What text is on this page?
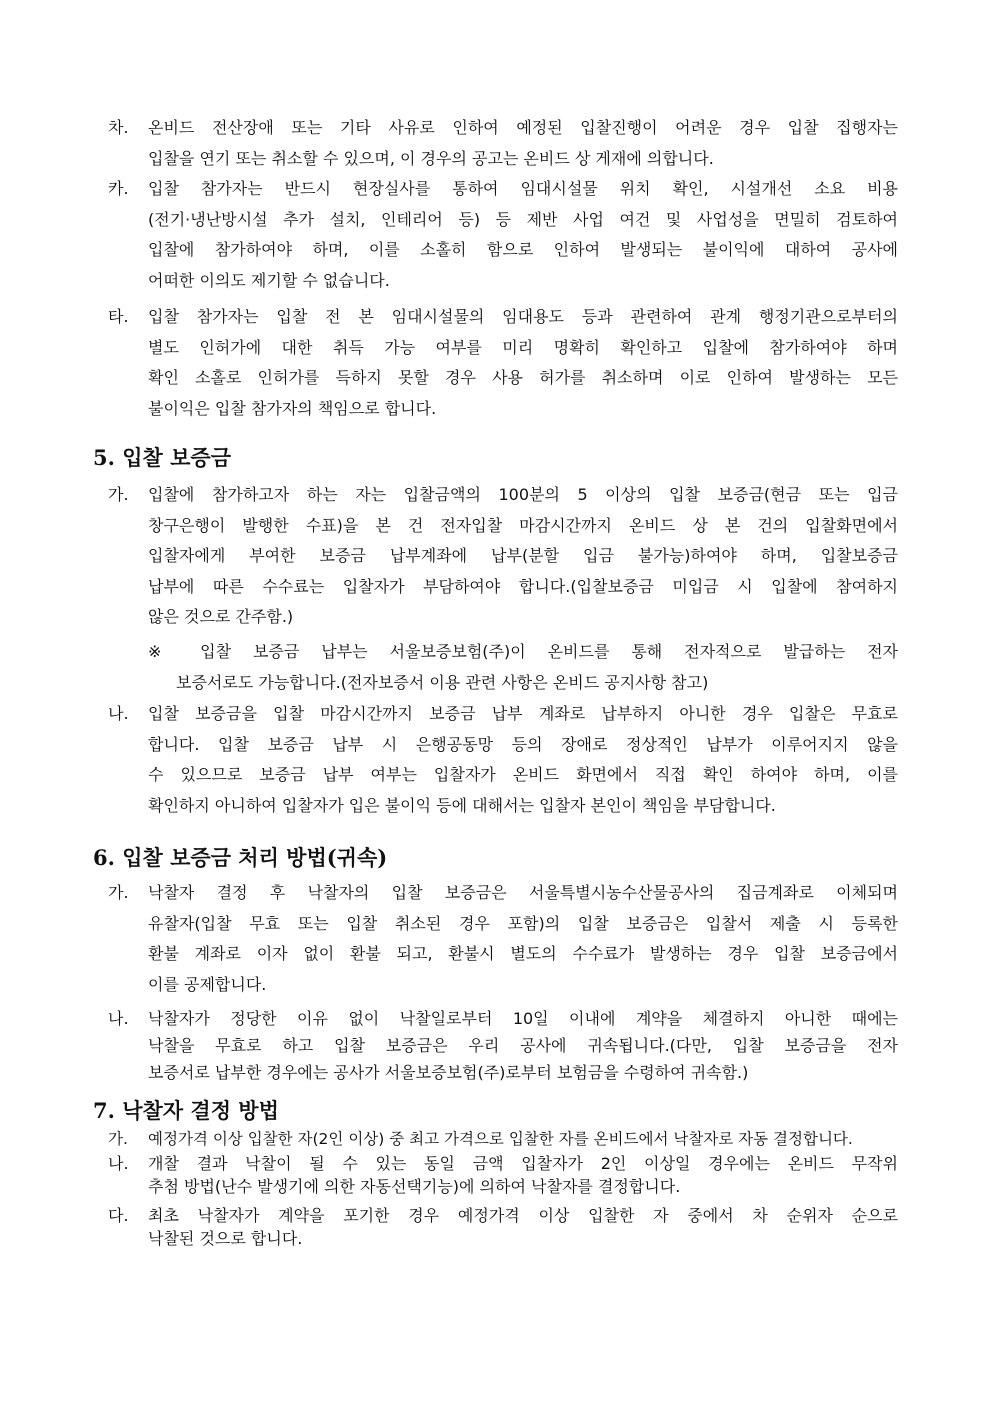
차. 온비드 전산장애 또는 기타 사유로 인하여 예정된 입찰진행이 어려운 경우 입찰 집행자는
입찰을 연기 또는 취소할 수 있으며, 이 경우의 공고는 온비드 상 게재에 의합니다.
카. 입찰 참가자는 반드시 현장실사를 통하여 임대시설물 위치 확인, 시설개선 소요 비용
(전기·냉난방시설 추가 설치, 인테리어 등) 등 제반 사업 여건 및 사업성을 면밀히 검토하여
입찰에 참가하여야 하며, 이를 소홀히 함으로 인하여 발생되는 불이익에 대하여 공사에
어떠한 이의도 제기할 수 없습니다.
타. 입찰 참가자는 입찰 전 본 임대시설물의 임대용도 등과 관련하여 관계 행정기관으로부터의
별도 인허가에 대한 취득 가능 여부를 미리 명확히 확인하고 입찰에 참가하여야 하며
확인 소홀로 인허가를 득하지 못할 경우 사용 허가를 취소하며 이로 인하여 발생하는 모든
불이익은 입찰 참가자의 책임으로 합니다.
5. 입찰 보증금
가. 입찰에 참가하고자 하는 자는 입찰금액의 100분의 5 이상의 입찰 보증금(현금 또는 입금
창구은행이 발행한 수표)을 본 건 전자입찰 마감시간까지 온비드 상 본 건의 입찰화면에서
입찰자에게 부여한 보증금 납부계좌에 납부(분할 입금 불가능)하여야 하며, 입찰보증금
납부에 따른 수수료는 입찰자가 부담하여야 합니다.(입찰보증금 미입금 시 입찰에 참여하지
않은 것으로 간주함.)
※ 입찰 보증금 납부는 서울보증보험(주)이 온비드를 통해 전자적으로 발급하는 전자
보증서로도 가능합니다.(전자보증서 이용 관련 사항은 온비드 공지사항 참고)
나. 입찰 보증금을 입찰 마감시간까지 보증금 납부 계좌로 납부하지 아니한 경우 입찰은 무효로
합니다. 입찰 보증금 납부 시 은행공동망 등의 장애로 정상적인 납부가 이루어지지 않을
수 있으므로 보증금 납부 여부는 입찰자가 온비드 화면에서 직접 확인 하여야 하며, 이를
확인하지 아니하여 입찰자가 입은 불이익 등에 대해서는 입찰자 본인이 책임을 부담합니다.
6. 입찰 보증금 처리 방법(귀속)
가. 낙찰자 결정 후 낙찰자의 입찰 보증금은 서울특별시농수산물공사의 집금계좌로 이체되며
유찰자(입찰 무효 또는 입찰 취소된 경우 포함)의 입찰 보증금은 입찰서 제출 시 등록한
환불 계좌로 이자 없이 환불 되고, 환불시 별도의 수수료가 발생하는 경우 입찰 보증금에서
이를 공제합니다.
나. 낙찰자가 정당한 이유 없이 낙찰일로부터 10일 이내에 계약을 체결하지 아니한 때에는
낙찰을 무효로 하고 입찰 보증금은 우리 공사에 귀속됩니다.(다만, 입찰 보증금을 전자
보증서로 납부한 경우에는 공사가 서울보증보험(주)로부터 보험금을 수령하여 귀속함.)
7. 낙찰자 결정 방법
가. 예정가격 이상 입찰한 자(2인 이상) 중 최고 가격으로 입찰한 자를 온비드에서 낙찰자로 자동 결정합니다.
나. 개찰 결과 낙찰이 될 수 있는 동일 금액 입찰자가 2인 이상일 경우에는 온비드 무작위
추첨 방법(난수 발생기에 의한 자동선택기능)에 의하여 낙찰자를 결정합니다.
다. 최초 낙찰자가 계약을 포기한 경우 예정가격 이상 입찰한 자 중에서 차 순위자 순으로
낙찰된 것으로 합니다.
